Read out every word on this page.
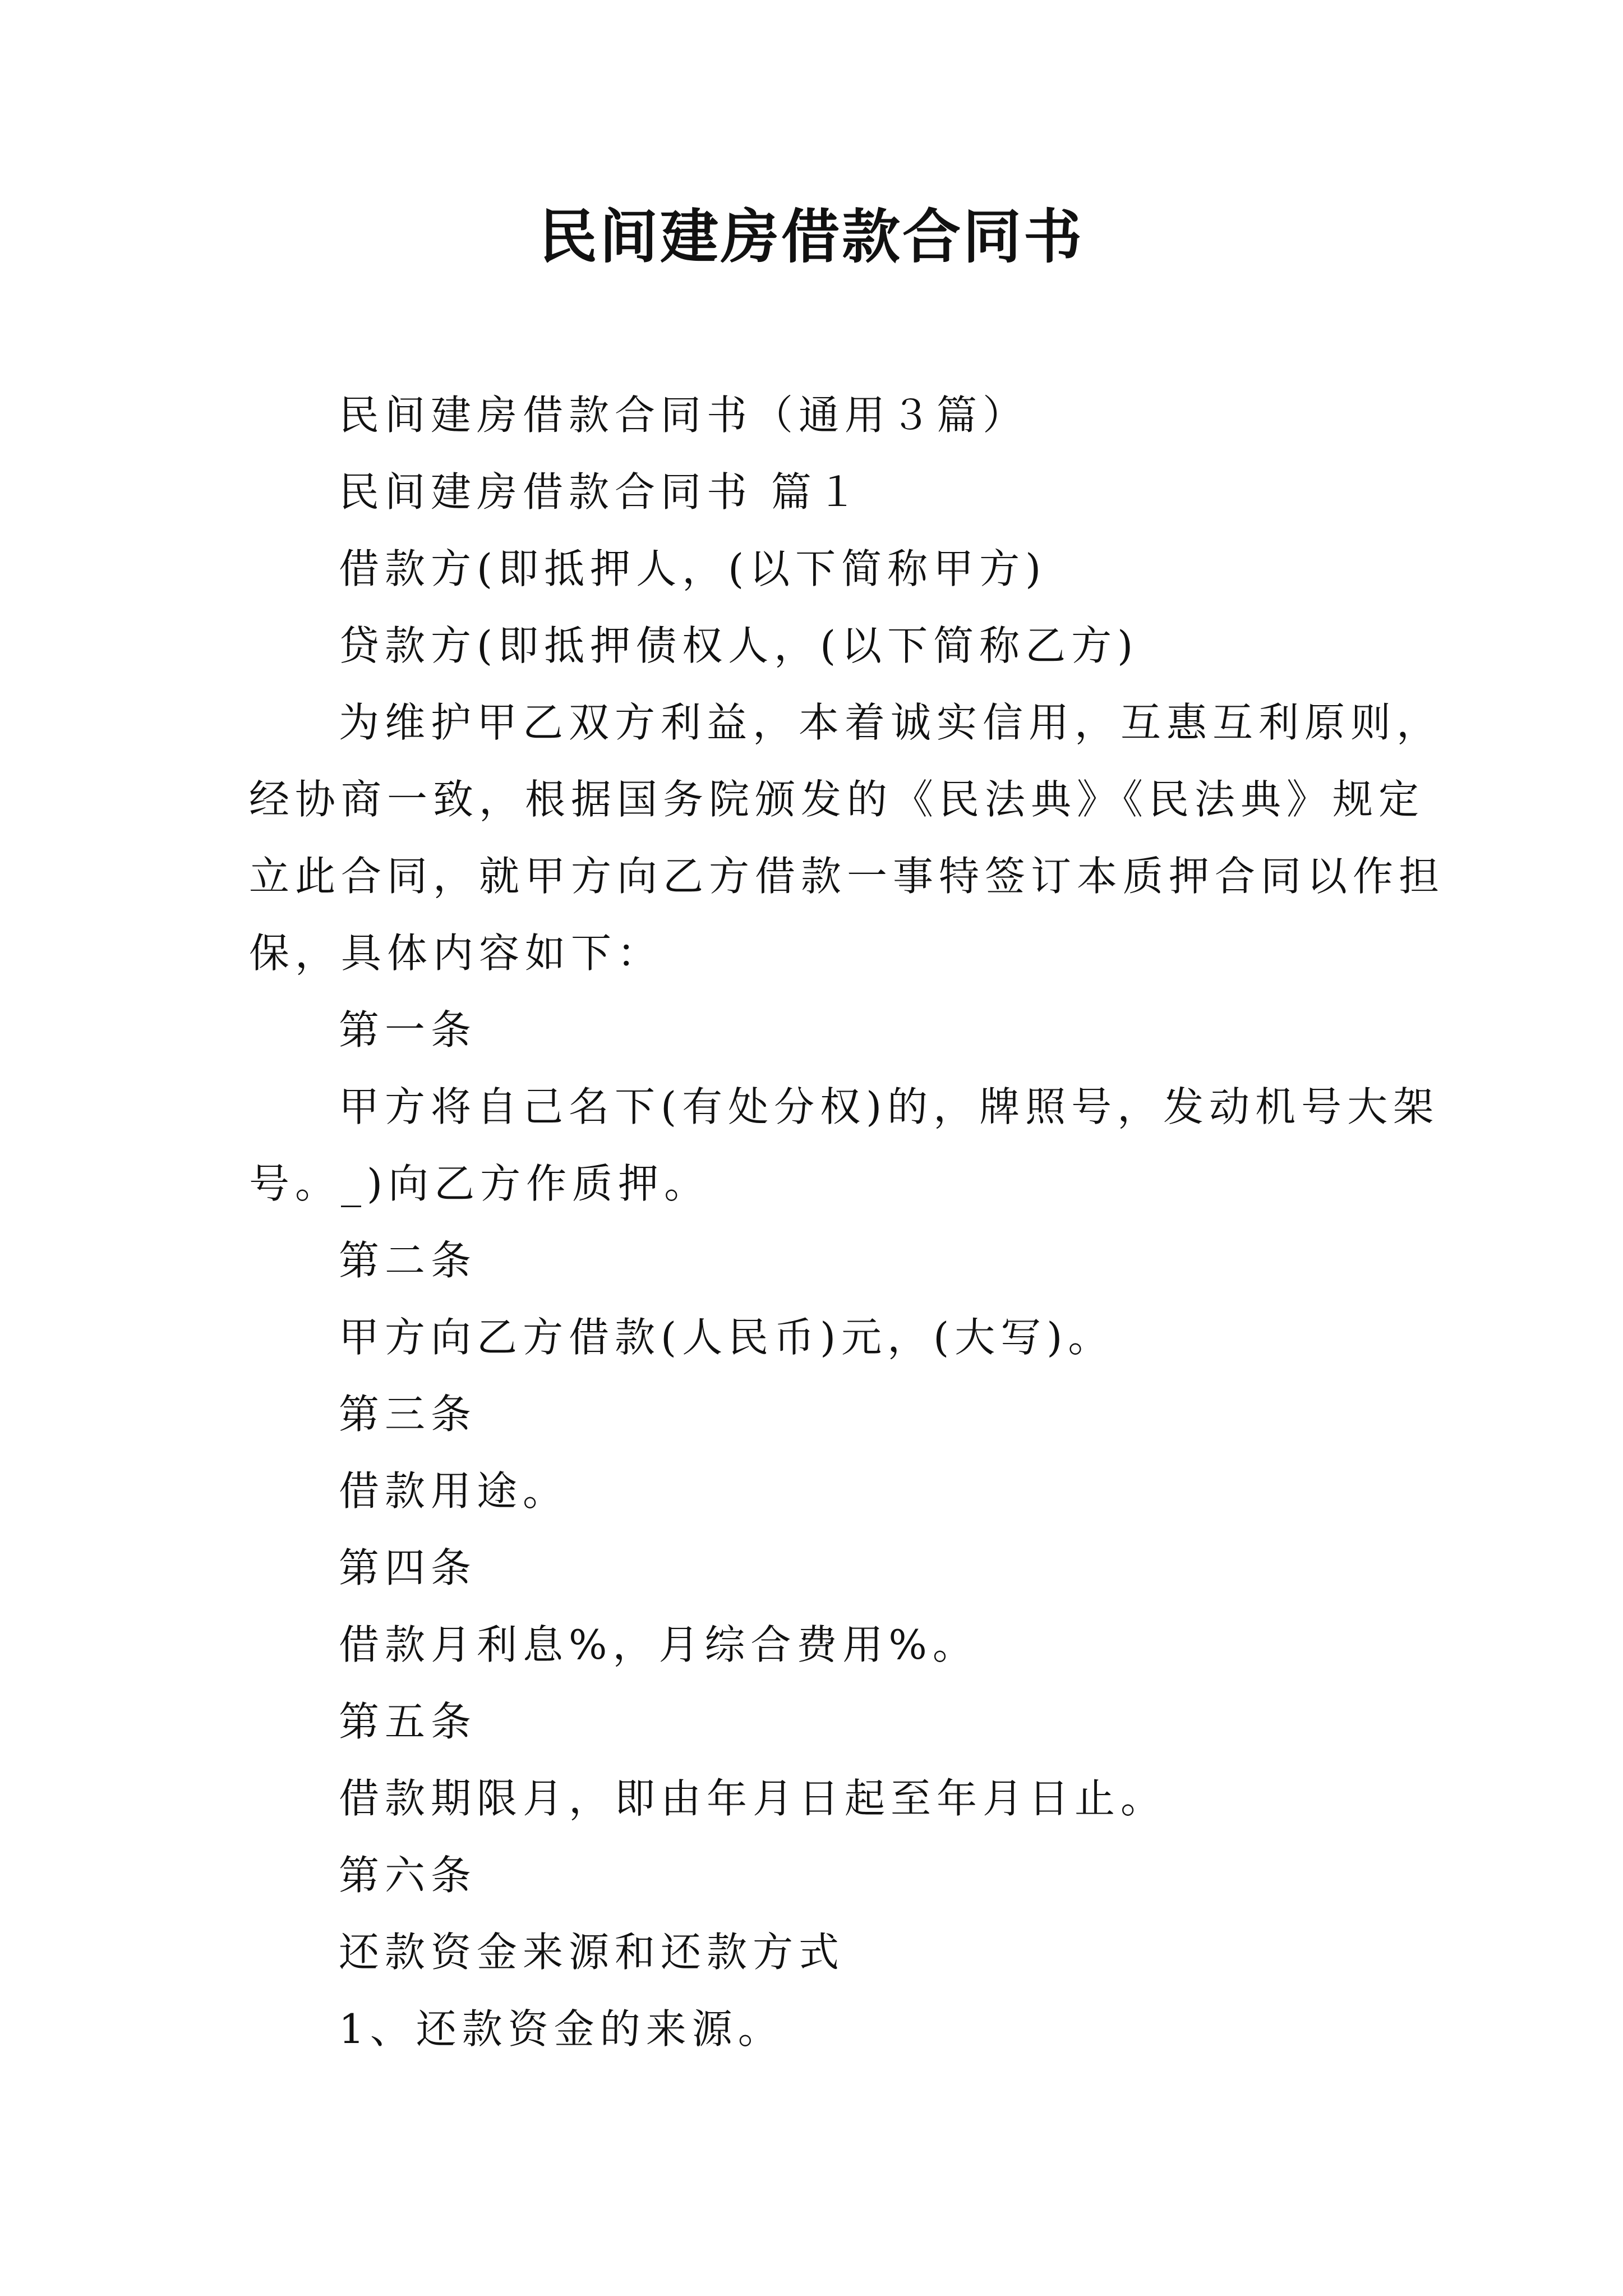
民间建房借款合同书
民间建房借款合同书（通用３篇）
民间建房借款合同书 篇１
借款方(即抵押人，(以下简称甲方)
贷款方(即抵押债权人，(以下简称乙方)
为维护甲乙双方利益，本着诚实信用，互惠互利原则，
经协商一致，根据国务院颁发的《民法典》《民法典》规定
立此合同，就甲方向乙方借款一事特签订本质押合同以作担
保，具体内容如下：
第一条
甲方将自己名下(有处分权)的，牌照号，发动机号大架
号。_)向乙方作质押。
第二条
甲方向乙方借款(人民币)元，(大写)。
第三条
借款用途。
第四条
借款月利息%，月综合费用%。
第五条
借款期限月，即由年月日起至年月日止。
第六条
还款资金来源和还款方式
1、还款资金的来源。
